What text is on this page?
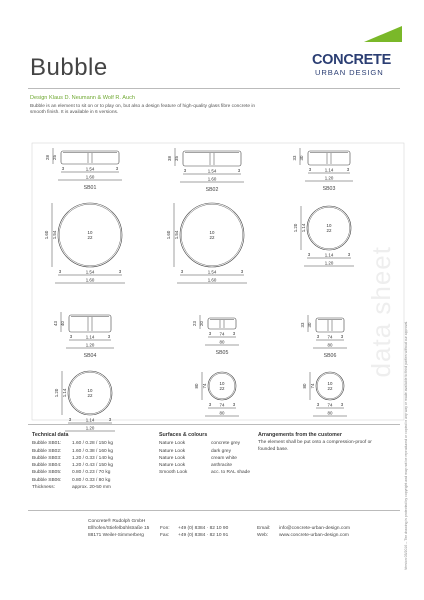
Bubble	CONCRETE
URBAN DESIGN
Design Klaus D. Neumann & Wolf R. Auch
Bubble is an element to sit on or to play on, but also a design feature of high-quality glass fibre concrete in smooth finish. It is available in 6 versions.
data sheet
Version 05/2016 – The drawing is protected by copyright and may not be reproduced or copied in any way or made available to third parties without our approval.
28 25
3	3
1.54
1.60
SB01
10
22
1.60 1.54
3	3
1.54
1.60
38 35
3	3
1.54
1.60
SB02
10
22
1.60 1.54
3	3
1.54
1.60
33 30
3	3
1.14
1.20
SB03
10
22
1.20 1.14
3	3
1.14
1.20
43 40
3	3
1.14
1.20
SB04
10
22
1.20 1.14
3	3
1.14
1.20
23 20
3	3
74
80
SB05
10
22
80 74
3	3
74
80
33 30
3	3
74
80
SB06
10
22
80 74
3	3
74
80
Technical data
Bubble SB01:	1.60 / 0.28 / 150 kg
Bubble SB02:	1.60 / 0.38 / 160 kg
Bubble SB03:	1.20 / 0.33 / 140 kg
Bubble SB04:	1.20 / 0.43 / 150 kg
Bubble SB05:	0.80 / 0.23 / 70 kg
Bubble SB06:	0.80 / 0.33 / 80 kg
Thickness:	approx. 20-50 mm
Surfaces & colours
Nature Look	concrete grey
Nature Look	dark grey
Nature Look	cream white
Nature Look	anthracite
Smooth Look	acc. to RAL shade
Arrangements from the customer
The element shall be put onto a compression-proof or founded base.
Concrete® Rudolph GmbH
Ellhofen/Stiefelbühlstraße 15
88171 Weiler-Simmerberg
Fon:	+49 (0) 8384 · 82 10 90
Fax:	+49 (0) 8384 · 82 10 91
Email:	info@concrete-urban-design.com
Web:	www.concrete-urban-design.com
